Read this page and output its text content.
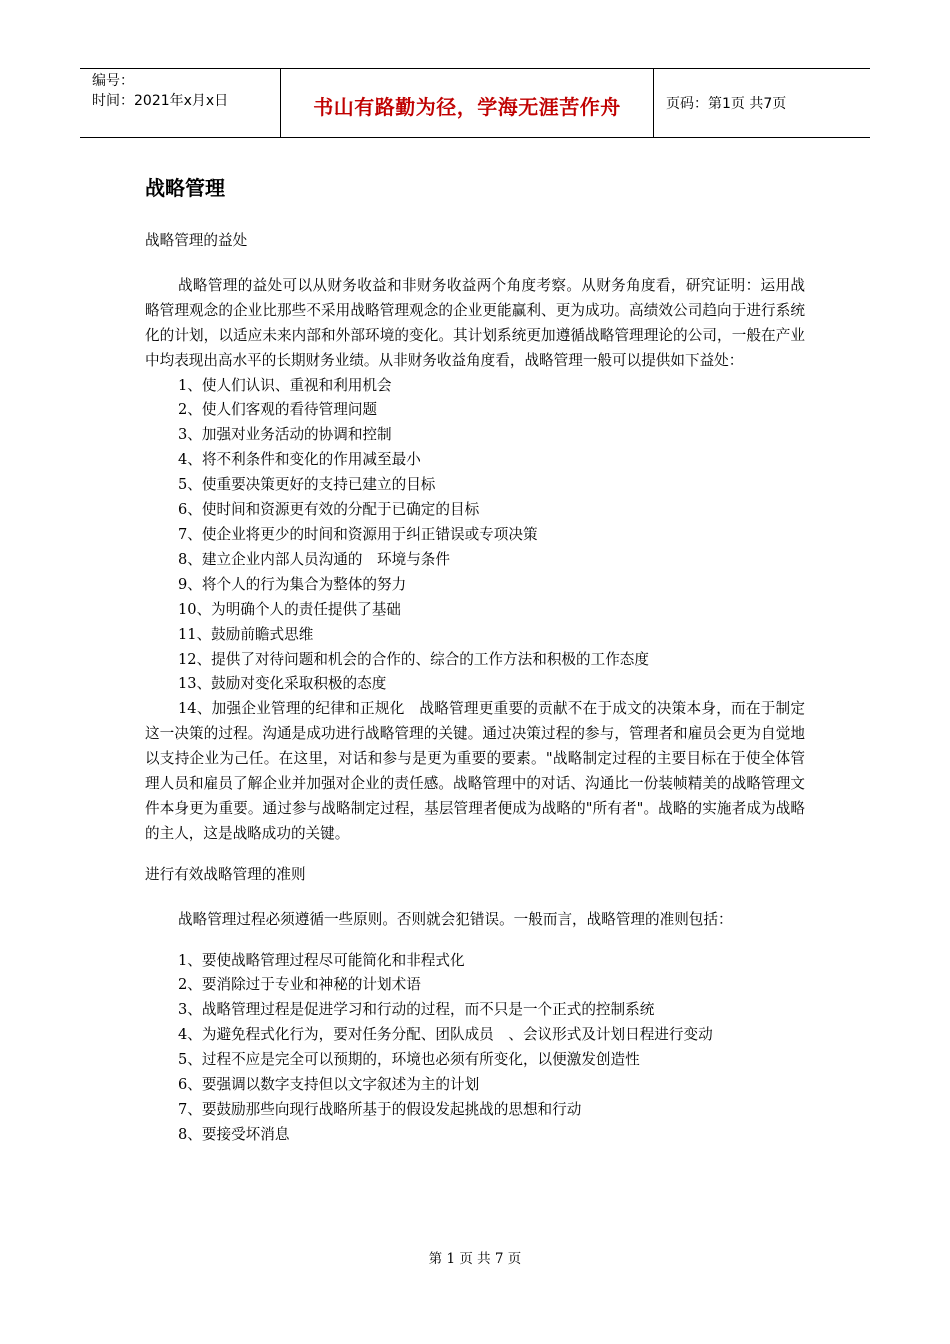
编号：
时间：2021年x月x日	书山有路勤为径，学海无涯苦作舟	页码：第1页 共7页
战略管理

战略管理的益处

战略管理的益处可以从财务收益和非财务收益两个角度考察。从财务角度看，研究证明：运用战略管理观念的企业比那些不采用战略管理观念的企业更能赢利、更为成功。高绩效公司趋向于进行系统化的计划，以适应未来内部和外部环境的变化。其计划系统更加遵循战略管理理论的公司，一般在产业中均表现出高水平的长期财务业绩。从非财务收益角度看，战略管理一般可以提供如下益处：

1、使人们认识、重视和利用机会
2、使人们客观的看待管理问题
3、加强对业务活动的协调和控制
4、将不利条件和变化的作用减至最小
5、使重要决策更好的支持已建立的目标
6、使时间和资源更有效的分配于已确定的目标
7、使企业将更少的时间和资源用于纠正错误或专项决策
8、建立企业内部人员沟通的　环境与条件
9、将个人的行为集合为整体的努力
10、为明确个人的责任提供了基础
11、鼓励前瞻式思维
12、提供了对待问题和机会的合作的、综合的工作方法和积极的工作态度
13、鼓励对变化采取积极的态度

14、加强企业管理的纪律和正规化　战略管理更重要的贡献不在于成文的决策本身，而在于制定这一决策的过程。沟通是成功进行战略管理的关键。通过决策过程的参与，管理者和雇员会更为自觉地以支持企业为己任。在这里，对话和参与是更为重要的要素。"战略制定过程的主要目标在于使全体管理人员和雇员了解企业并加强对企业的责任感。战略管理中的对话、沟通比一份装帧精美的战略管理文件本身更为重要。通过参与战略制定过程，基层管理者便成为战略的"所有者"。战略的实施者成为战略的主人，这是战略成功的关键。

进行有效战略管理的准则

战略管理过程必须遵循一些原则。否则就会犯错误。一般而言，战略管理的准则包括：

1、要使战略管理过程尽可能简化和非程式化
2、要消除过于专业和神秘的计划术语
3、战略管理过程是促进学习和行动的过程，而不只是一个正式的控制系统
4、为避免程式化行为，要对任务分配、团队成员　、会议形式及计划日程进行变动
5、过程不应是完全可以预期的，环境也必须有所变化，以便激发创造性
6、要强调以数字支持但以文字叙述为主的计划
7、要鼓励那些向现行战略所基于的假设发起挑战的思想和行动
8、要接受坏消息
第 1 页 共 7 页
